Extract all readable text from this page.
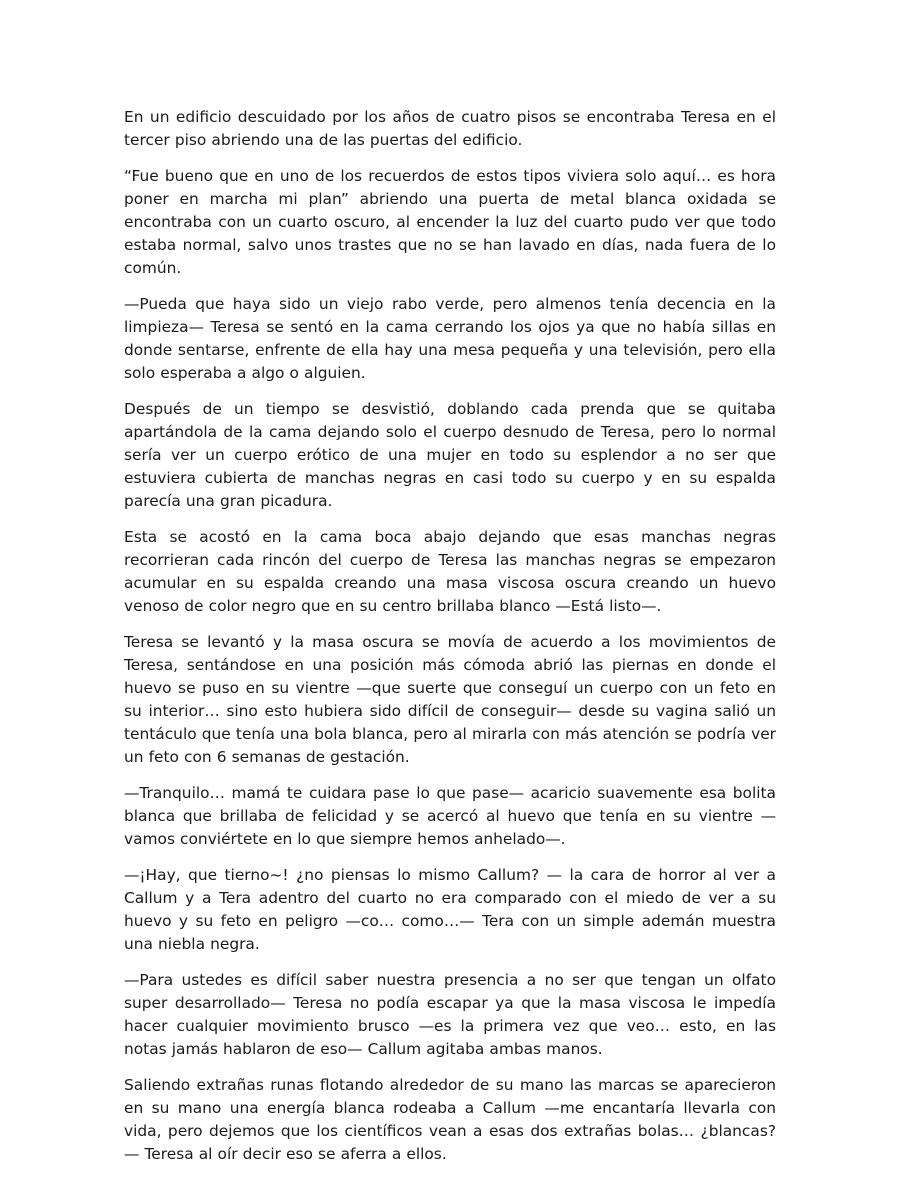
En un edificio descuidado por los años de cuatro pisos se encontraba Teresa en el tercer piso abriendo una de las puertas del edificio.

“Fue bueno que en uno de los recuerdos de estos tipos viviera solo aquí… es hora poner en marcha mi plan” abriendo una puerta de metal blanca oxidada se encontraba con un cuarto oscuro, al encender la luz del cuarto pudo ver que todo estaba normal, salvo unos trastes que no se han lavado en días, nada fuera de lo común.

—Pueda que haya sido un viejo rabo verde, pero almenos tenía decencia en la limpieza— Teresa se sentó en la cama cerrando los ojos ya que no había sillas en donde sentarse, enfrente de ella hay una mesa pequeña y una televisión, pero ella solo esperaba a algo o alguien.

Después de un tiempo se desvistió, doblando cada prenda que se quitaba apartándola de la cama dejando solo el cuerpo desnudo de Teresa, pero lo normal sería ver un cuerpo erótico de una mujer en todo su esplendor a no ser que estuviera cubierta de manchas negras en casi todo su cuerpo y en su espalda parecía una gran picadura.

Esta se acostó en la cama boca abajo dejando que esas manchas negras recorrieran cada rincón del cuerpo de Teresa las manchas negras se empezaron acumular en su espalda creando una masa viscosa oscura creando un huevo venoso de color negro que en su centro brillaba blanco —Está listo—.

Teresa se levantó y la masa oscura se movía de acuerdo a los movimientos de Teresa, sentándose en una posición más cómoda abrió las piernas en donde el huevo se puso en su vientre —que suerte que conseguí un cuerpo con un feto en su interior… sino esto hubiera sido difícil de conseguir— desde su vagina salió un tentáculo que tenía una bola blanca, pero al mirarla con más atención se podría ver un feto con 6 semanas de gestación.

—Tranquilo… mamá te cuidara pase lo que pase— acaricio suavemente esa bolita blanca que brillaba de felicidad y se acercó al huevo que tenía en su vientre —vamos conviértete en lo que siempre hemos anhelado—.

—¡Hay, que tierno~! ¿no piensas lo mismo Callum? — la cara de horror al ver a Callum y a Tera adentro del cuarto no era comparado con el miedo de ver a su huevo y su feto en peligro —co… como…— Tera con un simple ademán muestra una niebla negra.

—Para ustedes es difícil saber nuestra presencia a no ser que tengan un olfato super desarrollado— Teresa no podía escapar ya que la masa viscosa le impedía hacer cualquier movimiento brusco —es la primera vez que veo… esto, en las notas jamás hablaron de eso— Callum agitaba ambas manos.

Saliendo extrañas runas flotando alrededor de su mano las marcas se aparecieron en su mano una energía blanca rodeaba a Callum —me encantaría llevarla con vida, pero dejemos que los científicos vean a esas dos extrañas bolas… ¿blancas? — Teresa al oír decir eso se aferra a ellos.
